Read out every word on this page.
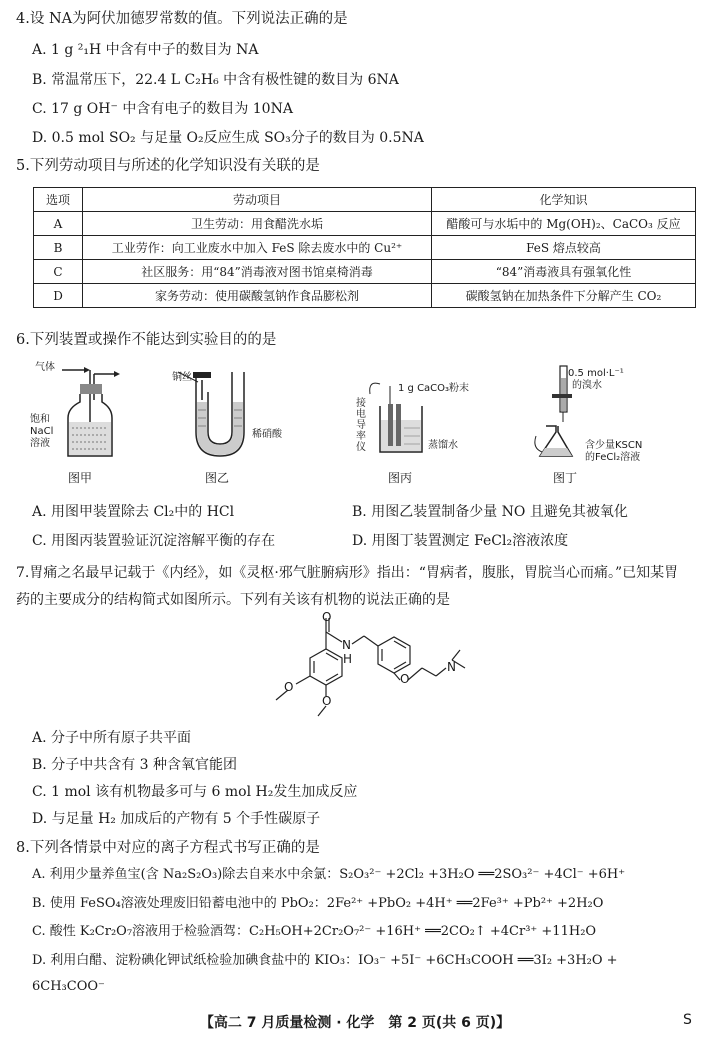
4.设 NA为阿伏加德罗常数的值。下列说法正确的是
A. 1 g ²₁H 中含有中子的数目为 NA
B. 常温常压下，22.4 L C₂H₆ 中含有极性键的数目为 6NA
C. 17 g OH⁻ 中含有电子的数目为 10NA
D. 0.5 mol SO₂ 与足量 O₂反应生成 SO₃分子的数目为 0.5NA
5.下列劳动项目与所述的化学知识没有关联的是
选项	劳动项目	化学知识
A	卫生劳动：用食醋洗水垢	醋酸可与水垢中的 Mg(OH)₂、CaCO₃ 反应
B	工业劳作：向工业废水中加入 FeS 除去废水中的 Cu²⁺	FeS 熔点较高
C	社区服务：用“84”消毒液对图书馆桌椅消毒	“84”消毒液具有强氧化性
D	家务劳动：使用碳酸氢钠作食品膨松剂	碳酸氢钠在加热条件下分解产生 CO₂
6.下列装置或操作不能达到实验目的的是
气体
饱和
NaCl
溶液
图甲
铜丝
稀硝酸
图乙
1 g CaCO₃粉末
接电导率仪	蒸馏水
图丙
0.5 mol·L⁻¹
的溴水
含少量KSCN
的FeCl₂溶液
图丁
A. 用图甲装置除去 Cl₂中的 HCl	B. 用图乙装置制备少量 NO 且避免其被氧化
C. 用图丙装置验证沉淀溶解平衡的存在	D. 用图丁装置测定 FeCl₂溶液浓度
7.胃痛之名最早记载于《内经》，如《灵枢·邪气脏腑病形》指出：“胃病者，腹胀，胃脘当心而痛。”已知某胃
药的主要成分的结构简式如图所示。下列有关该有机物的说法正确的是
O
N
H
O
N
O
O
A. 分子中所有原子共平面
B. 分子中共含有 3 种含氧官能团
C. 1 mol 该有机物最多可与 6 mol H₂发生加成反应
D. 与足量 H₂ 加成后的产物有 5 个手性碳原子
8.下列各情景中对应的离子方程式书写正确的是
A. 利用少量养鱼宝(含 Na₂S₂O₃)除去自来水中余氯：S₂O₃²⁻ +2Cl₂ +3H₂O ══2SO₃²⁻ +4Cl⁻ +6H⁺
B. 使用 FeSO₄溶液处理废旧铅蓄电池中的 PbO₂：2Fe²⁺ +PbO₂ +4H⁺ ══2Fe³⁺ +Pb²⁺ +2H₂O
C. 酸性 K₂Cr₂O₇溶液用于检验酒驾：C₂H₅OH+2Cr₂O₇²⁻ +16H⁺ ══2CO₂↑ +4Cr³⁺ +11H₂O
D. 利用白醋、淀粉碘化钾试纸检验加碘食盐中的 KIO₃：IO₃⁻ +5I⁻ +6CH₃COOH ══3I₂ +3H₂O +
6CH₃COO⁻
【高二 7 月质量检测 · 化学　第 2 页(共 6 页)】	S
